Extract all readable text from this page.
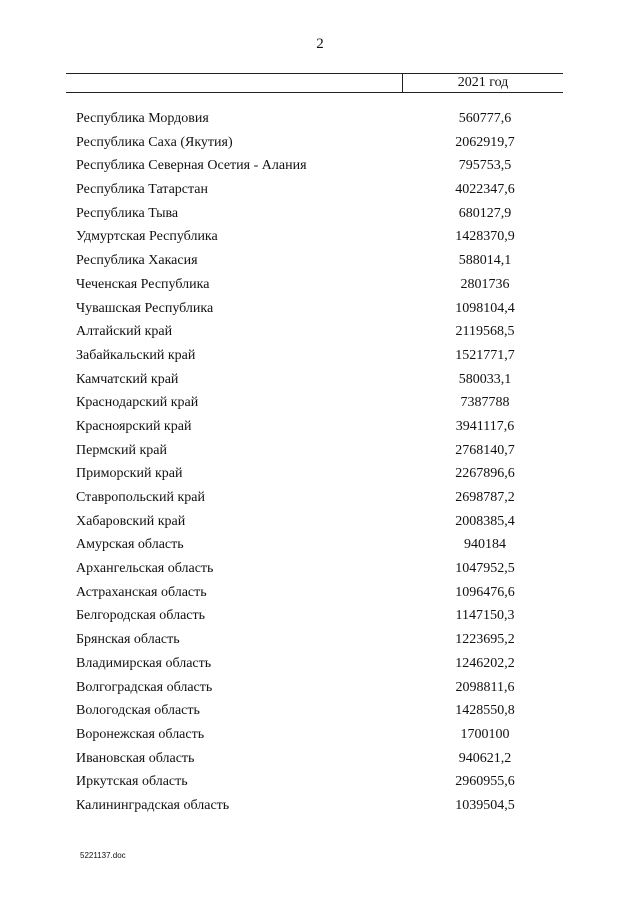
2
2021 год
Республика Мордовия	560777,6
Республика Саха (Якутия)	2062919,7
Республика Северная Осетия - Алания	795753,5
Республика Татарстан	4022347,6
Республика Тыва	680127,9
Удмуртская Республика	1428370,9
Республика Хакасия	588014,1
Чеченская Республика	2801736
Чувашская Республика	1098104,4
Алтайский край	2119568,5
Забайкальский край	1521771,7
Камчатский край	580033,1
Краснодарский край	7387788
Красноярский край	3941117,6
Пермский край	2768140,7
Приморский край	2267896,6
Ставропольский край	2698787,2
Хабаровский край	2008385,4
Амурская область	940184
Архангельская область	1047952,5
Астраханская область	1096476,6
Белгородская область	1147150,3
Брянская область	1223695,2
Владимирская область	1246202,2
Волгоградская область	2098811,6
Вологодская область	1428550,8
Воронежская область	1700100
Ивановская область	940621,2
Иркутская область	2960955,6
Калининградская область	1039504,5
5221137.doc
